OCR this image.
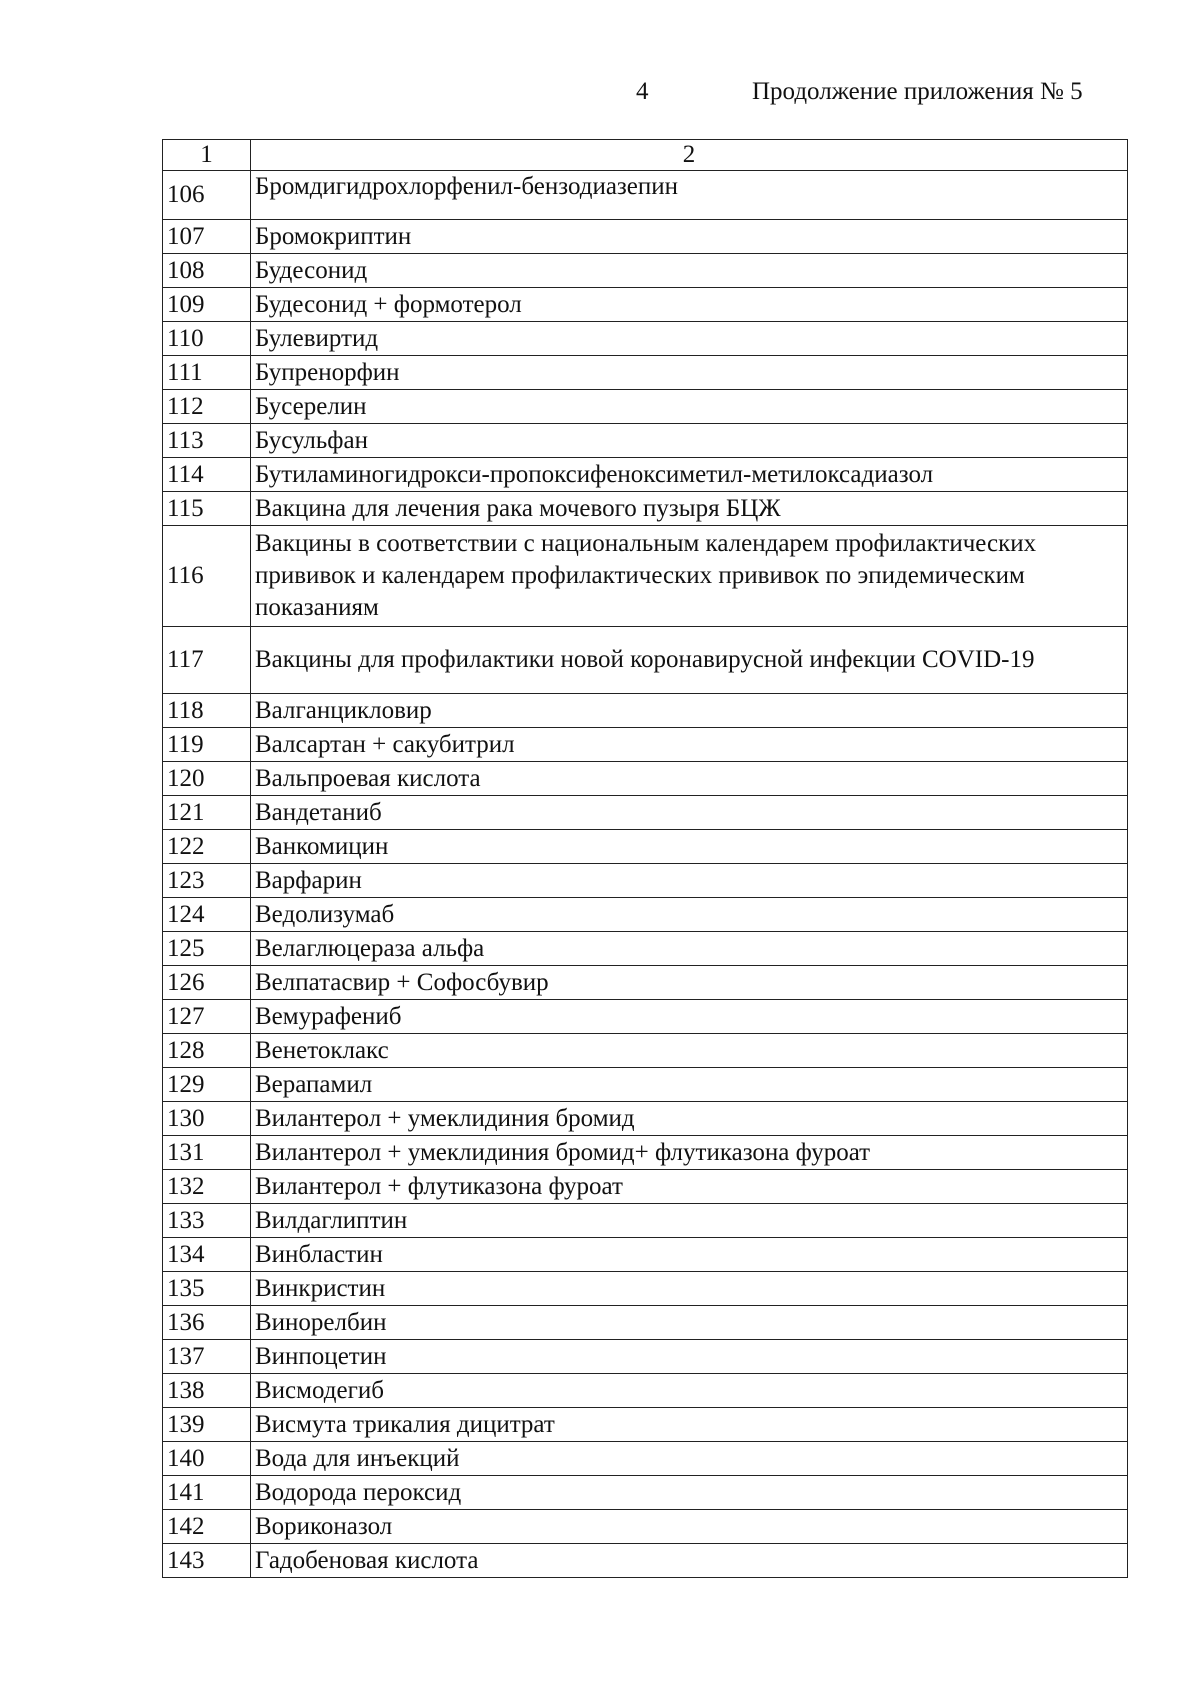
4	Продолжение приложения № 5
1	2
106	Бромдигидрохлорфенил-бензодиазепин
107	Бромокриптин
108	Будесонид
109	Будесонид + формотерол
110	Булевиртид
111	Бупренорфин
112	Бусерелин
113	Бусульфан
114	Бутиламиногидрокси-пропоксифеноксиметил-метилоксадиазол
115	Вакцина для лечения рака мочевого пузыря БЦЖ
116	Вакцины в соответствии с национальным календарем профилактических прививок и календарем профилактических прививок по эпидемическим показаниям
117	Вакцины для профилактики новой коронавирусной инфекции COVID-19
118	Валганцикловир
119	Валсартан + сакубитрил
120	Вальпроевая кислота
121	Вандетаниб
122	Ванкомицин
123	Варфарин
124	Ведолизумаб
125	Велаглюцераза альфа
126	Велпатасвир + Софосбувир
127	Вемурафениб
128	Венетоклакс
129	Верапамил
130	Вилантерол + умеклидиния бромид
131	Вилантерол + умеклидиния бромид+ флутиказона фуроат
132	Вилантерол + флутиказона фуроат
133	Вилдаглиптин
134	Винбластин
135	Винкристин
136	Винорелбин
137	Винпоцетин
138	Висмодегиб
139	Висмута трикалия дицитрат
140	Вода для инъекций
141	Водорода пероксид
142	Вориконазол
143	Гадобеновая кислота
